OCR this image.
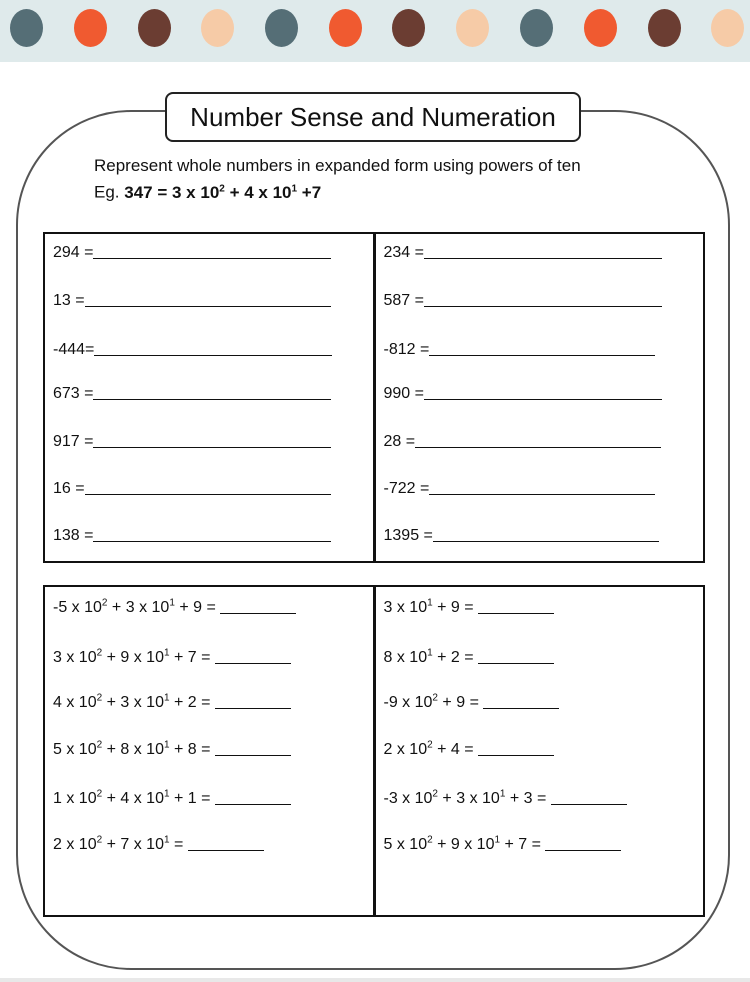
Number Sense and Numeration
Represent whole numbers in expanded form using powers of ten
Eg. 347 = 3 x $10^2 + 4$ x $10^1 +7$
294 =
13 =
-444=
673 =
917 =
16 =
138 =
234 =
587 =
-812 =
990 =
28 =
-722 =
1395 =
-5 x $10^2 + 3$ x $10^1 + 9$ =
3 x $10^2 + 9$ x $10^1 + 7$ =
4 x $10^2 + 3$ x $10^1 + 2$ =
5 x $10^2 + 8$ x $10^1 + 8$ =
1 x $10^2 + 4$ x $10^1 + 1$ =
2 x $10^2 + 7$ x $10^1$ =
3 x $10^1 + 9$ =
8 x $10^1 + 2$ =
-9 x $10^2 + 9$ =
2 x $10^2 + 4$ =
-3 x $10^2 + 3$ x $10^1 + 3$ =
5 x $10^2 + 9$ x $10^1 + 7$ =
